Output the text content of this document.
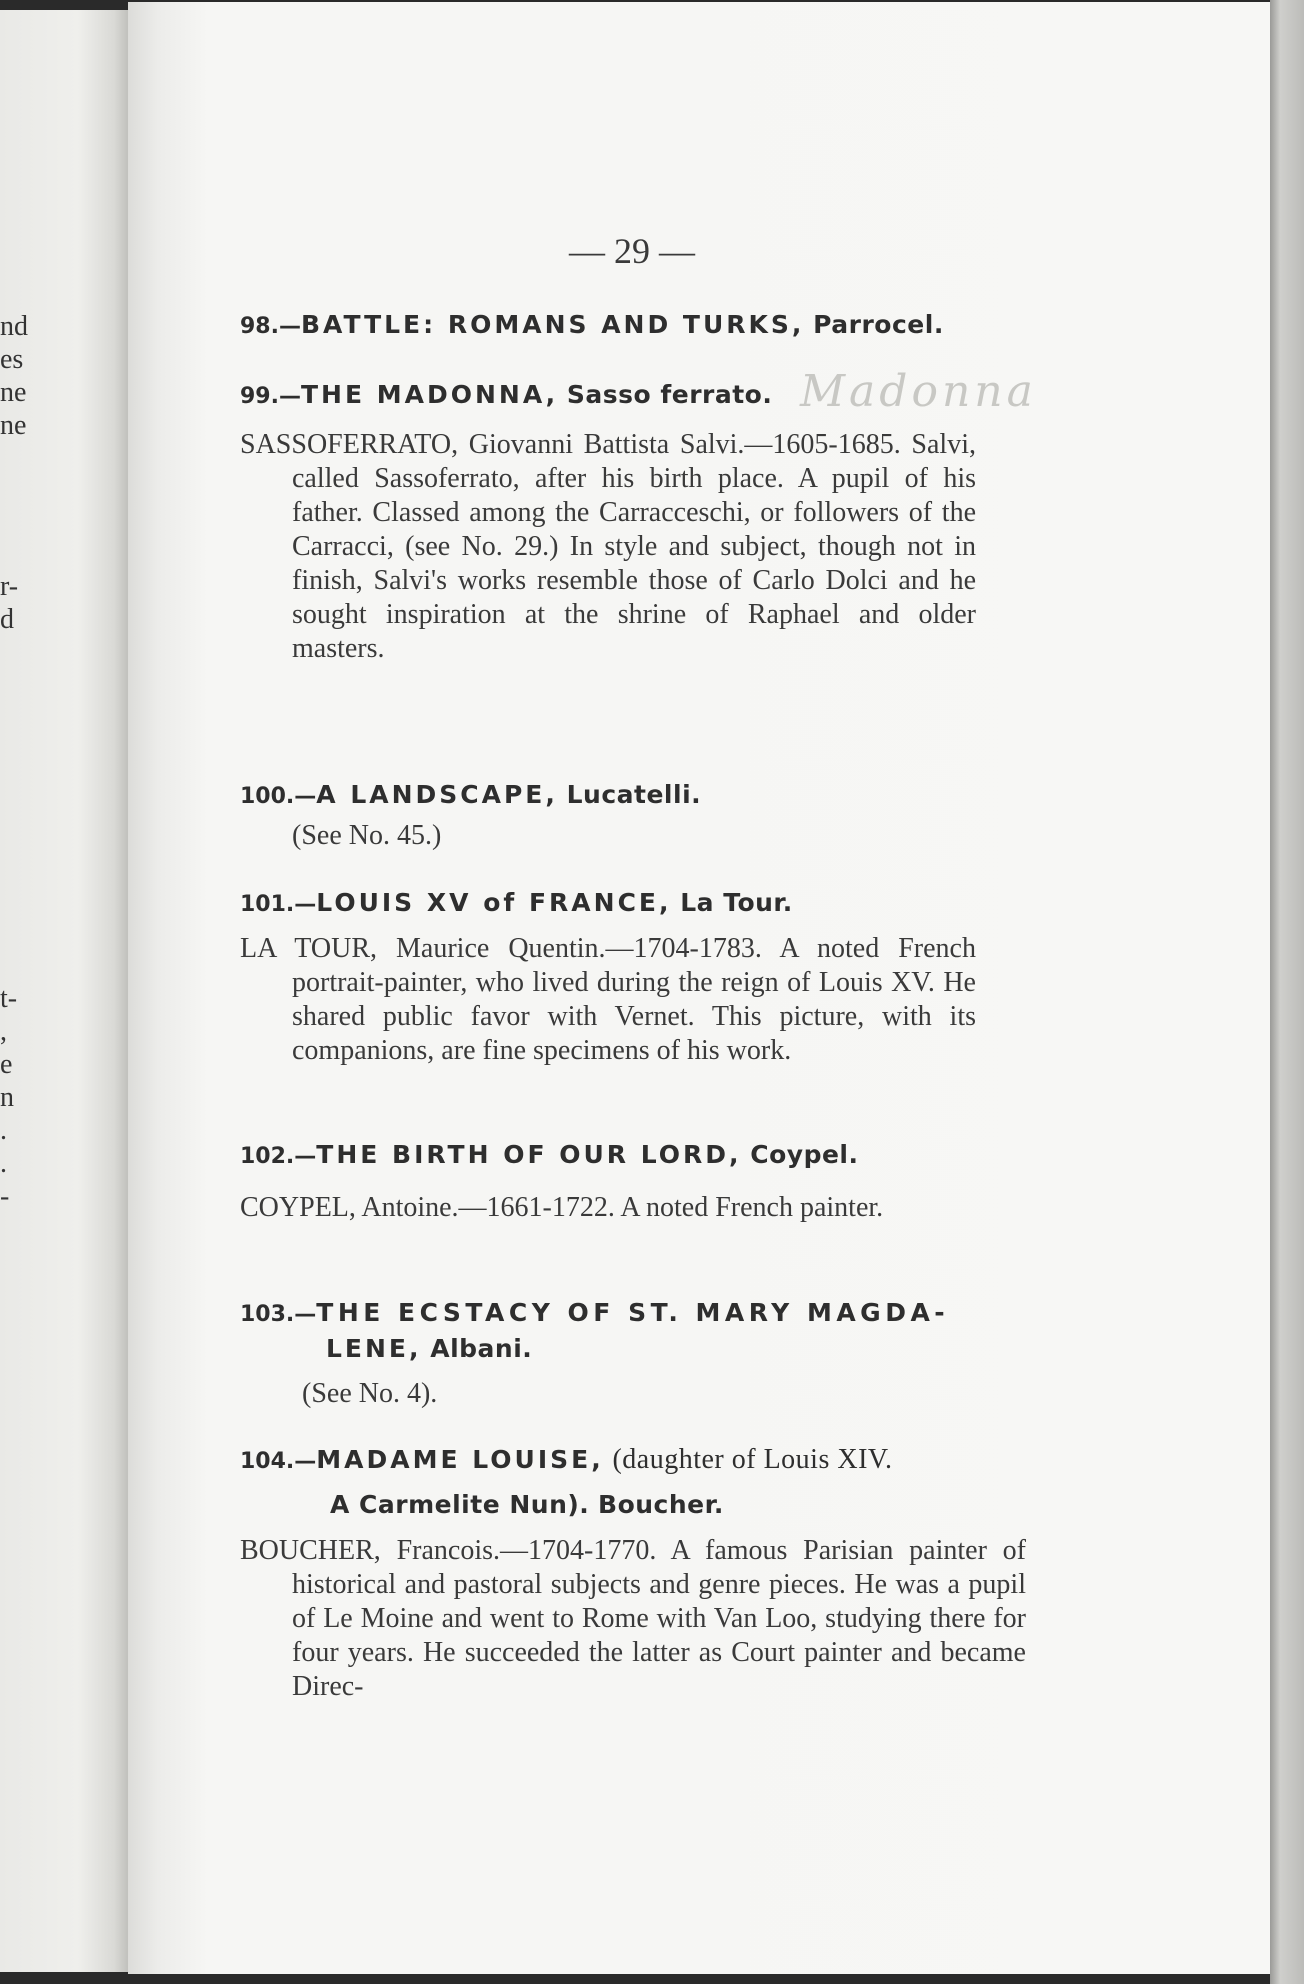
nd
es
ne
ne
r-
d
t-
,
e
n
.
.
-
— 29 —
Madonna
98.—BATTLE: ROMANS AND TURKS, Parrocel.
99.—THE MADONNA, Sasso ferrato.
SASSOFERRATO, Giovanni Battista Salvi.—1605-1685. Salvi, called Sassoferrato, after his birth place. A pupil of his father. Classed among the Carracceschi, or followers of the Carracci, (see No. 29.) In style and subject, though not in finish, Salvi's works resemble those of Carlo Dolci and he sought inspiration at the shrine of Raphael and older masters.
100.—A LANDSCAPE, Lucatelli.
(See No. 45.)
101.—LOUIS XV of FRANCE, La Tour.
LA TOUR, Maurice Quentin.—1704-1783. A noted French portrait-painter, who lived during the reign of Louis XV. He shared public favor with Vernet. This picture, with its companions, are fine specimens of his work.
102.—THE BIRTH OF OUR LORD, Coypel.
COYPEL, Antoine.—1661-1722. A noted French painter.
103.—THE ECSTACY OF ST. MARY MAGDA-
LENE, Albani.
(See No. 4).
104.—MADAME LOUISE, (daughter of Louis XIV.
A Carmelite Nun). Boucher.
BOUCHER, Francois.—1704-1770. A famous Parisian painter of historical and pastoral subjects and genre pieces. He was a pupil of Le Moine and went to Rome with Van Loo, studying there for four years. He succeeded the latter as Court painter and became Direc-
